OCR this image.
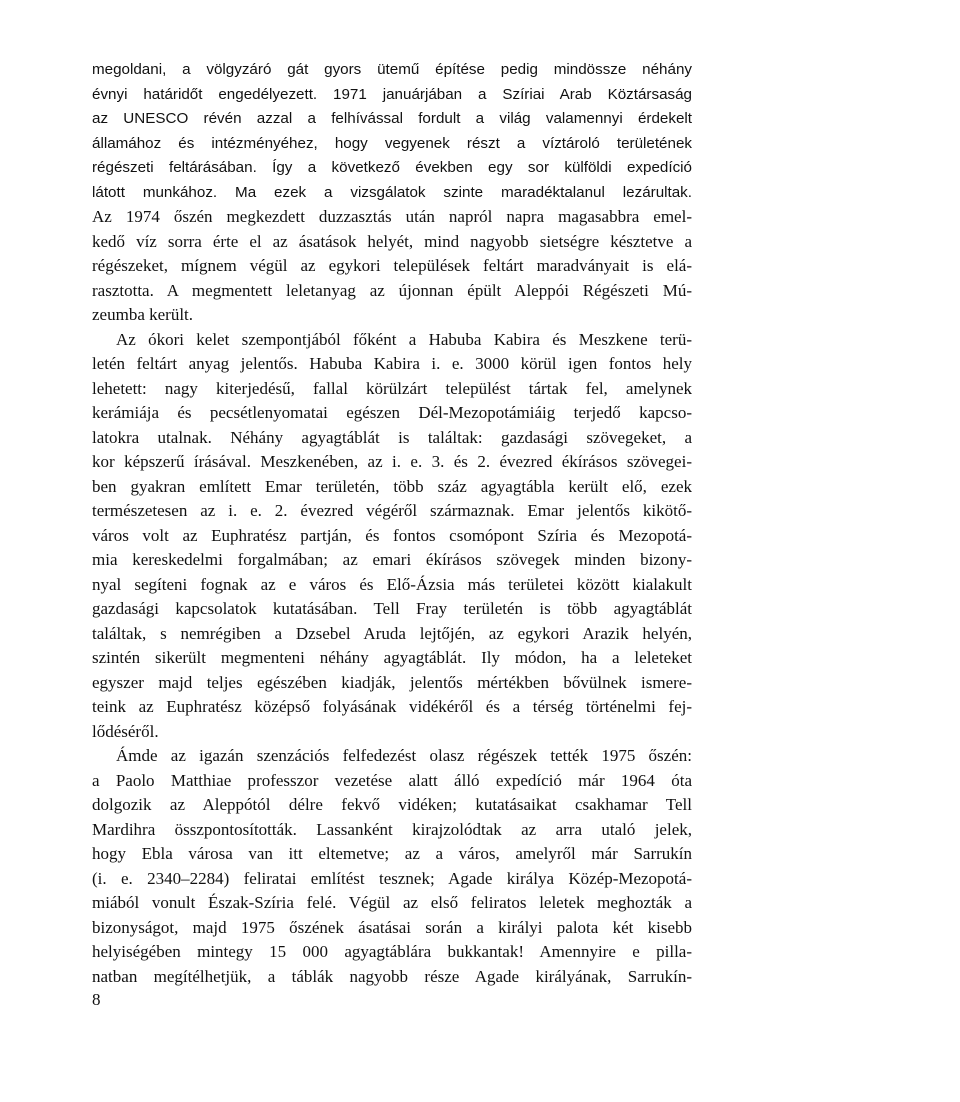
megoldani, a völgyzáró gát gyors ütemű építése pedig mindössze néhány
évnyi határidőt engedélyezett. 1971 januárjában a Szíriai Arab Köztársaság
az UNESCO révén azzal a felhívással fordult a világ valamennyi érdekelt
államához és intézményéhez, hogy vegyenek részt a víztároló területének
régészeti feltárásában. Így a következő években egy sor külföldi expedíció
látott munkához. Ma ezek a vizsgálatok szinte maradéktalanul lezárultak.
Az 1974 őszén megkezdett duzzasztás után napról napra magasabbra emel-
kedő víz sorra érte el az ásatások helyét, mind nagyobb sietségre késztetve a
régészeket, mígnem végül az egykori települések feltárt maradványait is elá-
rasztotta. A megmentett leletanyag az újonnan épült Aleppói Régészeti Mú-
zeumba került.
Az ókori kelet szempontjából főként a Habuba Kabira és Meszkene terü-
letén feltárt anyag jelentős. Habuba Kabira i. e. 3000 körül igen fontos hely
lehetett: nagy kiterjedésű, fallal körülzárt települést tártak fel, amelynek
kerámiája és pecsétlenyomatai egészen Dél-Mezopotámiáig terjedő kapcso-
latokra utalnak. Néhány agyagtáblát is találtak: gazdasági szövegeket, a
kor képszerű írásával. Meszkenében, az i. e. 3. és 2. évezred ékírásos szövegei-
ben gyakran említett Emar területén, több száz agyagtábla került elő, ezek
természetesen az i. e. 2. évezred végéről származnak. Emar jelentős kikötő-
város volt az Euphratész partján, és fontos csomópont Szíria és Mezopotá-
mia kereskedelmi forgalmában; az emari ékírásos szövegek minden bizony-
nyal segíteni fognak az e város és Elő-Ázsia más területei között kialakult
gazdasági kapcsolatok kutatásában. Tell Fray területén is több agyagtáblát
találtak, s nemrégiben a Dzsebel Aruda lejtőjén, az egykori Arazik helyén,
szintén sikerült megmenteni néhány agyagtáblát. Ily módon, ha a leleteket
egyszer majd teljes egészében kiadják, jelentős mértékben bővülnek ismere-
teink az Euphratész középső folyásának vidékéről és a térség történelmi fej-
lődéséről.
Ámde az igazán szenzációs felfedezést olasz régészek tették 1975 őszén:
a Paolo Matthiae professzor vezetése alatt álló expedíció már 1964 óta
dolgozik az Aleppótól délre fekvő vidéken; kutatásaikat csakhamar Tell
Mardihra összpontosították. Lassanként kirajzolódtak az arra utaló jelek,
hogy Ebla városa van itt eltemetve; az a város, amelyről már Sarrukín
(i. e. 2340–2284) feliratai említést tesznek; Agade királya Közép-Mezopotá-
miából vonult Észak-Szíria felé. Végül az első feliratos leletek meghozták a
bizonyságot, majd 1975 őszének ásatásai során a királyi palota két kisebb
helyiségében mintegy 15 000 agyagtáblára bukkantak! Amennyire e pilla-
natban megítélhetjük, a táblák nagyobb része Agade királyának, Sarrukín-
8
